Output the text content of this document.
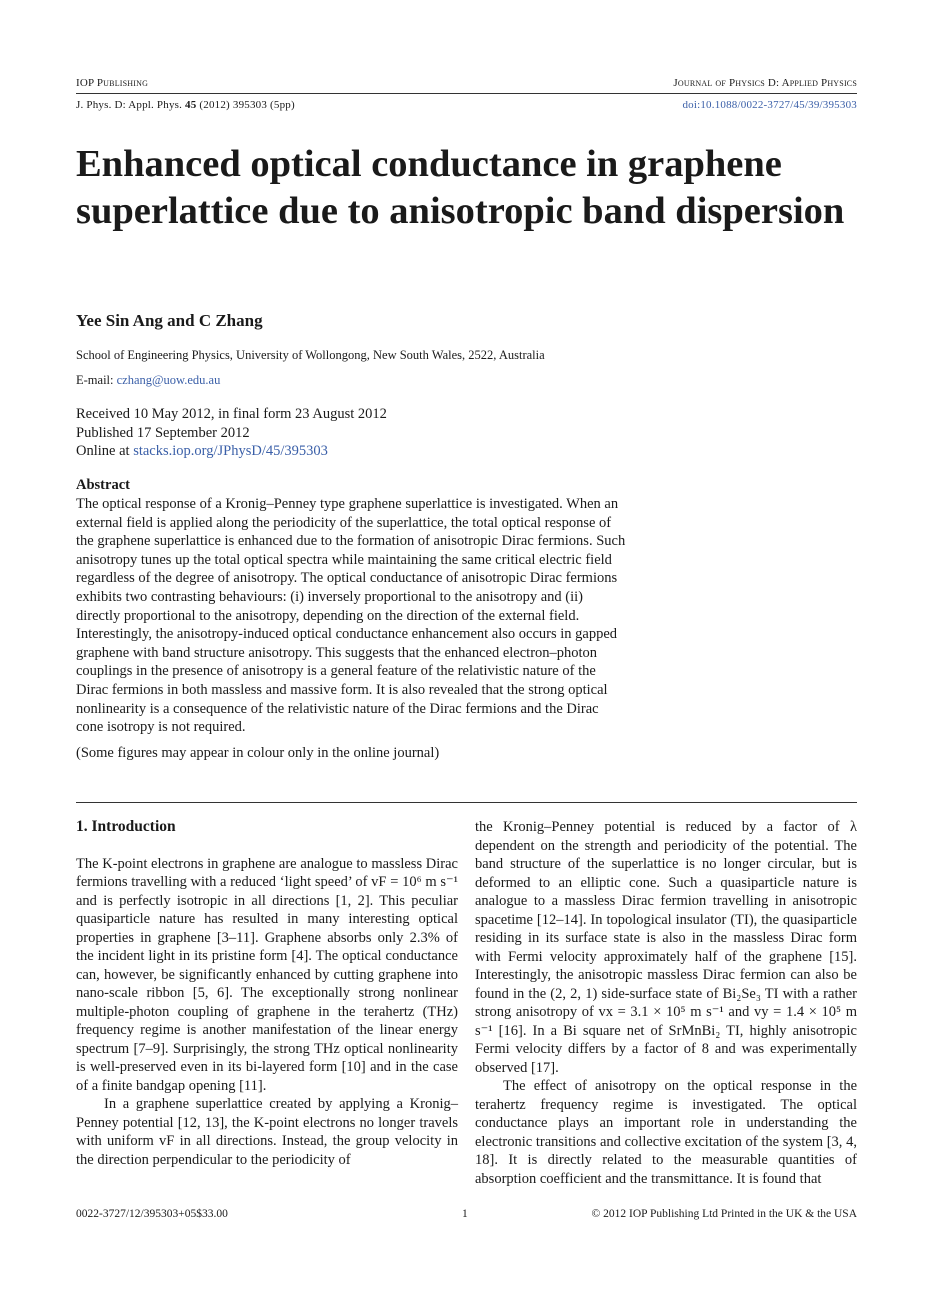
IOP Publishing	Journal of Physics D: Applied Physics
J. Phys. D: Appl. Phys. 45 (2012) 395303 (5pp)	doi:10.1088/0022-3727/45/39/395303
Enhanced optical conductance in graphene superlattice due to anisotropic band dispersion
Yee Sin Ang and C Zhang
School of Engineering Physics, University of Wollongong, New South Wales, 2522, Australia
E-mail: czhang@uow.edu.au
Received 10 May 2012, in final form 23 August 2012
Published 17 September 2012
Online at stacks.iop.org/JPhysD/45/395303
Abstract

The optical response of a Kronig–Penney type graphene superlattice is investigated. When an

external field is applied along the periodicity of the superlattice, the total optical response of

the graphene superlattice is enhanced due to the formation of anisotropic Dirac fermions. Such

anisotropy tunes up the total optical spectra while maintaining the same critical electric field

regardless of the degree of anisotropy. The optical conductance of anisotropic Dirac fermions

exhibits two contrasting behaviours: (i) inversely proportional to the anisotropy and (ii)

directly proportional to the anisotropy, depending on the direction of the external field.

Interestingly, the anisotropy-induced optical conductance enhancement also occurs in gapped

graphene with band structure anisotropy. This suggests that the enhanced electron–photon

couplings in the presence of anisotropy is a general feature of the relativistic nature of the

Dirac fermions in both massless and massive form. It is also revealed that the strong optical

nonlinearity is a consequence of the relativistic nature of the Dirac fermions and the Dirac

cone isotropy is not required.

(Some figures may appear in colour only in the online journal)

1. Introduction

The K-point electrons in graphene are analogue to massless Dirac fermions travelling with a reduced ‘light speed’ of vF = 10⁶ m s⁻¹ and is perfectly isotropic in all directions [1, 2]. This peculiar quasiparticle nature has resulted in many interesting optical properties in graphene [3–11]. Graphene absorbs only 2.3% of the incident light in its pristine form [4]. The optical conductance can, however, be significantly enhanced by cutting graphene into nano-scale ribbon [5, 6]. The exceptionally strong nonlinear multiple-photon coupling of graphene in the terahertz (THz) frequency regime is another manifestation of the linear energy spectrum [7–9]. Surprisingly, the strong THz optical nonlinearity is well-preserved even in its bi-layered form [10] and in the case of a finite bandgap opening [11].

In a graphene superlattice created by applying a Kronig–Penney potential [12, 13], the K-point electrons no longer travels with uniform vF in all directions. Instead, the group velocity in the direction perpendicular to the periodicity of

the Kronig–Penney potential is reduced by a factor of λ dependent on the strength and periodicity of the potential. The band structure of the superlattice is no longer circular, but is deformed to an elliptic cone. Such a quasiparticle nature is analogue to a massless Dirac fermion travelling in anisotropic spacetime [12–14]. In topological insulator (TI), the quasiparticle residing in its surface state is also in the massless Dirac form with Fermi velocity approximately half of the graphene [15]. Interestingly, the anisotropic massless Dirac fermion can also be found in the (2, 2, 1) side-surface state of Bi₂Se₃ TI with a rather strong anisotropy of vx = 3.1 × 10⁵ m s⁻¹ and vy = 1.4 × 10⁵ m s⁻¹ [16]. In a Bi square net of SrMnBi₂ TI, highly anisotropic Fermi velocity differs by a factor of 8 and was experimentally observed [17].

The effect of anisotropy on the optical response in the terahertz frequency regime is investigated. The optical conductance plays an important role in understanding the electronic transitions and collective excitation of the system [3, 4, 18]. It is directly related to the measurable quantities of absorption coefficient and the transmittance. It is found that

0022-3727/12/395303+05$33.00	1	© 2012 IOP Publishing Ltd Printed in the UK & the USA
